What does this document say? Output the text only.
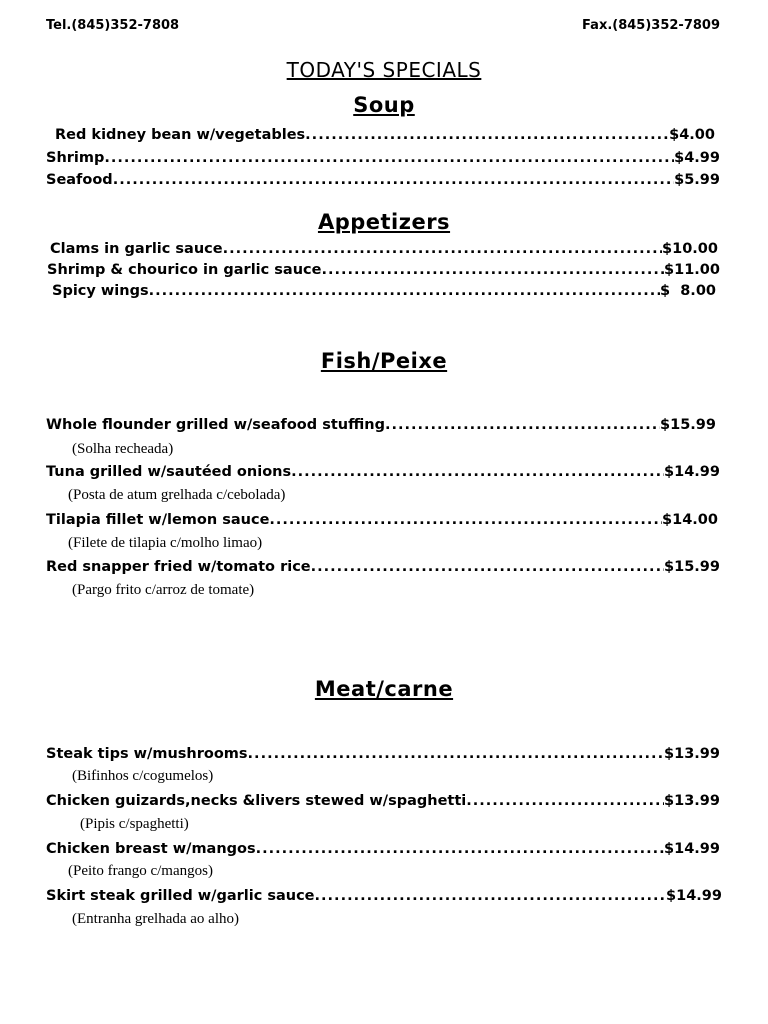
Tel.(845)352-7808	Fax.(845)352-7809
TODAY'S SPECIALS
Soup
Red kidney bean w/vegetables .....	$4.00
Shrimp .....	$4.99
Seafood .....	$5.99
Appetizers
Clams in garlic sauce .....	$10.00
Shrimp & chourico in garlic sauce .....	$11.00
Spicy wings .....	$  8.00
Fish/Peixe
Whole flounder grilled w/seafood stuffing .....	$15.99
(Solha recheada)
Tuna grilled w/sautéed onions .....	$14.99
(Posta de atum grelhada c/cebolada)
Tilapia fillet w/lemon sauce .....	$14.00
(Filete de tilapia c/molho limao)
Red snapper fried w/tomato rice .....	$15.99
(Pargo frito c/arroz de tomate)
Meat/carne
Steak tips w/mushrooms .....	$13.99
(Bifinhos c/cogumelos)
Chicken guizards,necks &livers stewed w/spaghetti .....	$13.99
(Pipis c/spaghetti)
Chicken breast w/mangos .....	$14.99
(Peito frango c/mangos)
Skirt steak grilled w/garlic sauce .....	$14.99
(Entranha grelhada ao alho)
